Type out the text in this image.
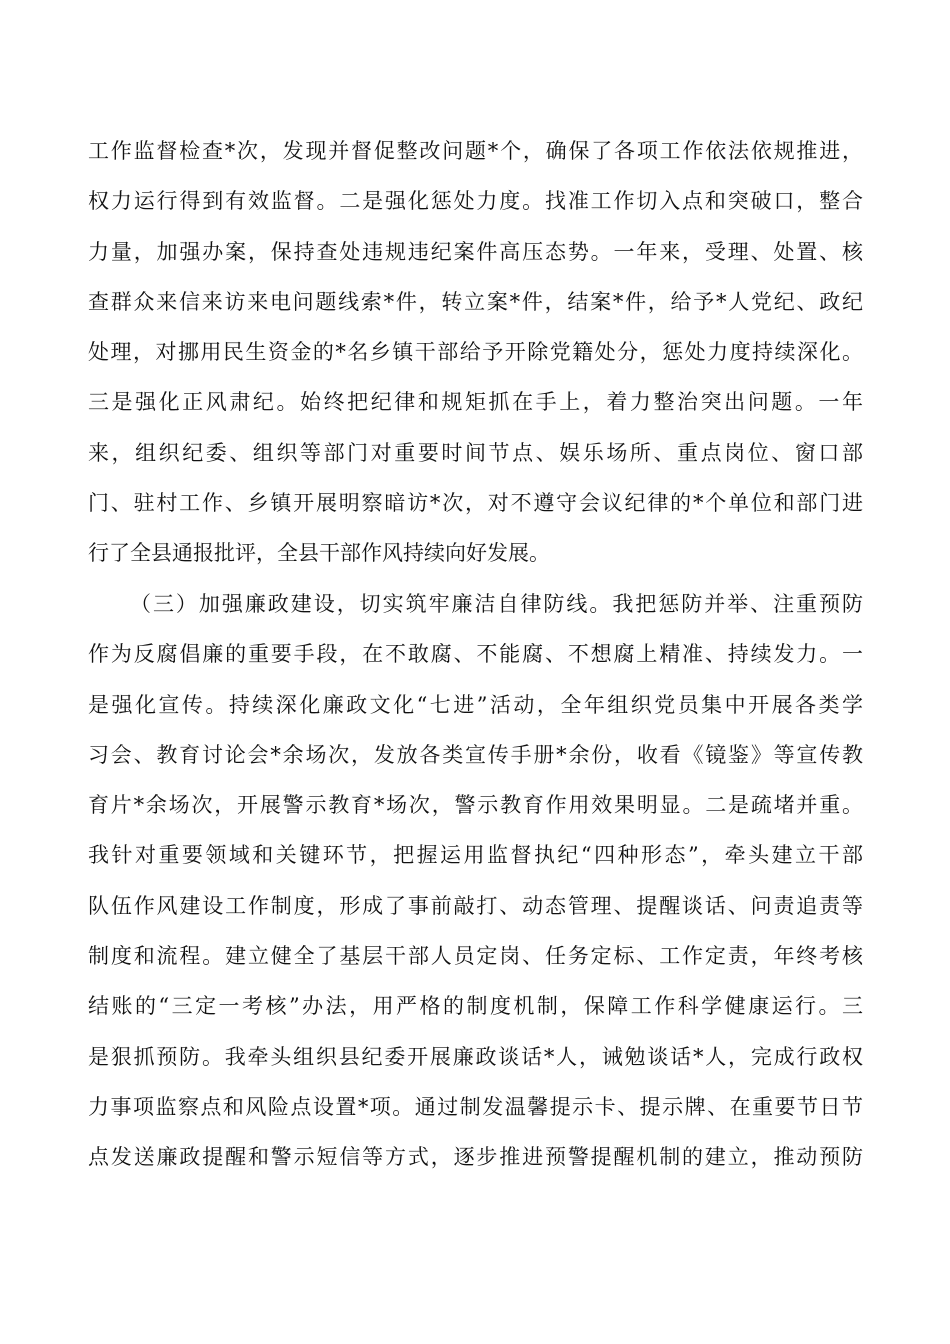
工作监督检查*次，发现并督促整改问题*个，确保了各项工作依法依规推进，
权力运行得到有效监督。二是强化惩处力度。找准工作切入点和突破口，整合
力量，加强办案，保持查处违规违纪案件高压态势。一年来，受理、处置、核
查群众来信来访来电问题线索*件，转立案*件，结案*件，给予*人党纪、政纪
处理，对挪用民生资金的*名乡镇干部给予开除党籍处分，惩处力度持续深化。
三是强化正风肃纪。始终把纪律和规矩抓在手上，着力整治突出问题。一年
来，组织纪委、组织等部门对重要时间节点、娱乐场所、重点岗位、窗口部
门、驻村工作、乡镇开展明察暗访*次，对不遵守会议纪律的*个单位和部门进
行了全县通报批评，全县干部作风持续向好发展。
（三）加强廉政建设，切实筑牢廉洁自律防线。我把惩防并举、注重预防
作为反腐倡廉的重要手段，在不敢腐、不能腐、不想腐上精准、持续发力。一
是强化宣传。持续深化廉政文化“七进”活动，全年组织党员集中开展各类学
习会、教育讨论会*余场次，发放各类宣传手册*余份，收看《镜鉴》等宣传教
育片*余场次，开展警示教育*场次，警示教育作用效果明显。二是疏堵并重。
我针对重要领域和关键环节，把握运用监督执纪“四种形态”，牵头建立干部
队伍作风建设工作制度，形成了事前敲打、动态管理、提醒谈话、问责追责等
制度和流程。建立健全了基层干部人员定岗、任务定标、工作定责，年终考核
结账的“三定一考核”办法，用严格的制度机制，保障工作科学健康运行。三
是狠抓预防。我牵头组织县纪委开展廉政谈话*人，诫勉谈话*人，完成行政权
力事项监察点和风险点设置*项。通过制发温馨提示卡、提示牌、在重要节日节
点发送廉政提醒和警示短信等方式，逐步推进预警提醒机制的建立，推动预防
